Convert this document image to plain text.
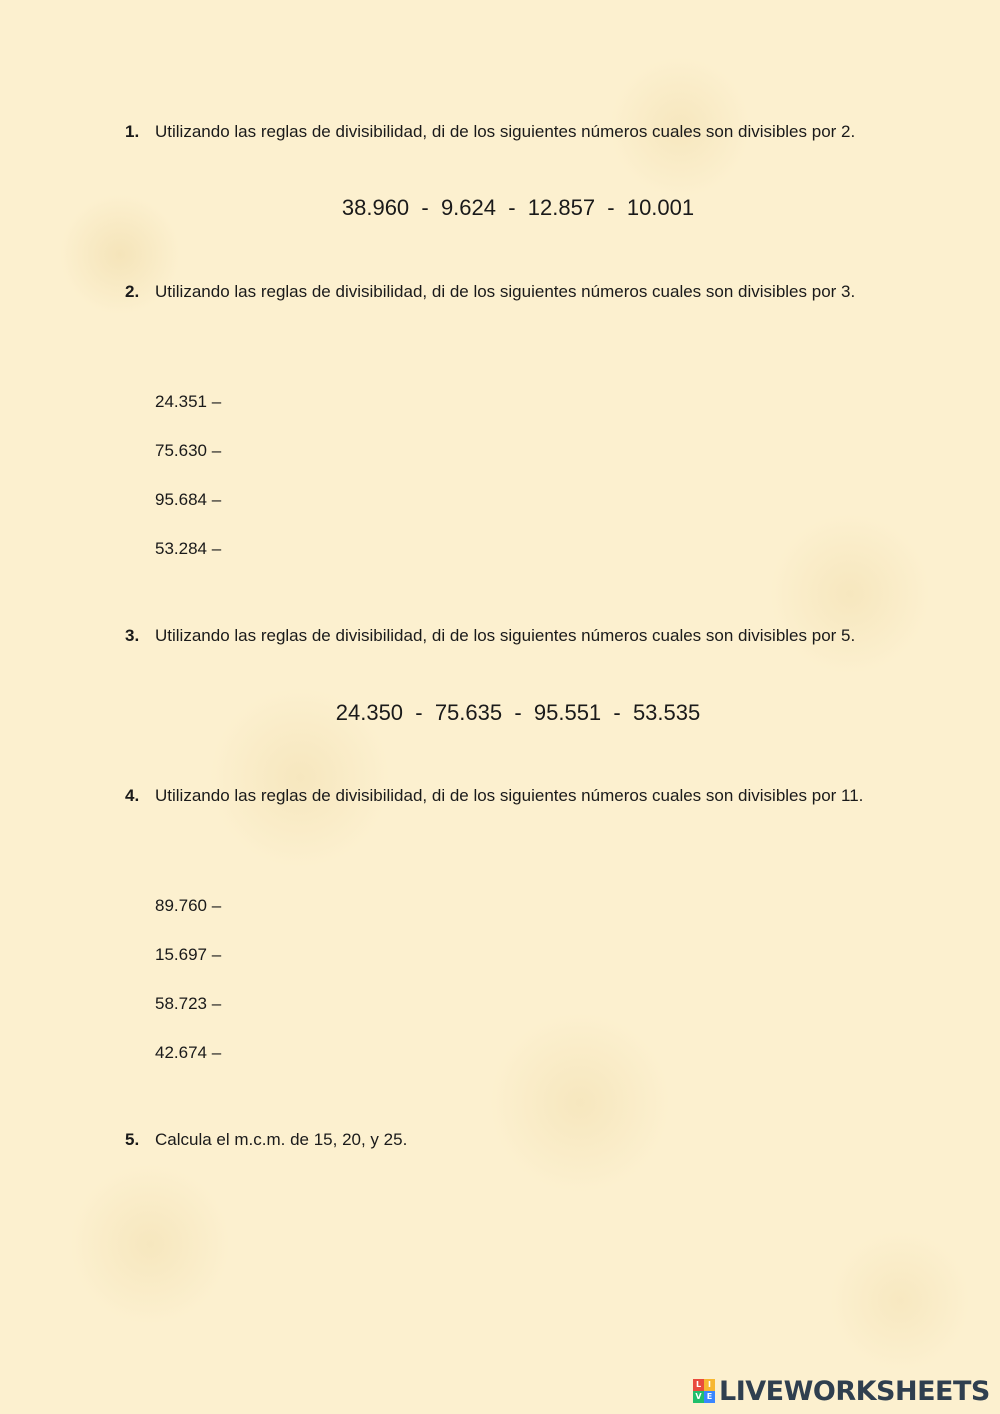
1. Utilizando las reglas de divisibilidad, di de los siguientes números cuales son divisibles por 2.
38.960  -  9.624  -  12.857  -  10.001
2. Utilizando las reglas de divisibilidad, di de los siguientes números cuales son divisibles por 3.
24.351 –
75.630 –
95.684 –
53.284 –
3. Utilizando las reglas de divisibilidad, di de los siguientes números cuales son divisibles por 5.
24.350  -  75.635  -  95.551  -  53.535
4. Utilizando las reglas de divisibilidad, di de los siguientes números cuales son divisibles por 11.
89.760 –
15.697 –
58.723 –
42.674 –
5. Calcula el m.c.m. de 15, 20, y 25.
L I
V E LIVEWORKSHEETS
